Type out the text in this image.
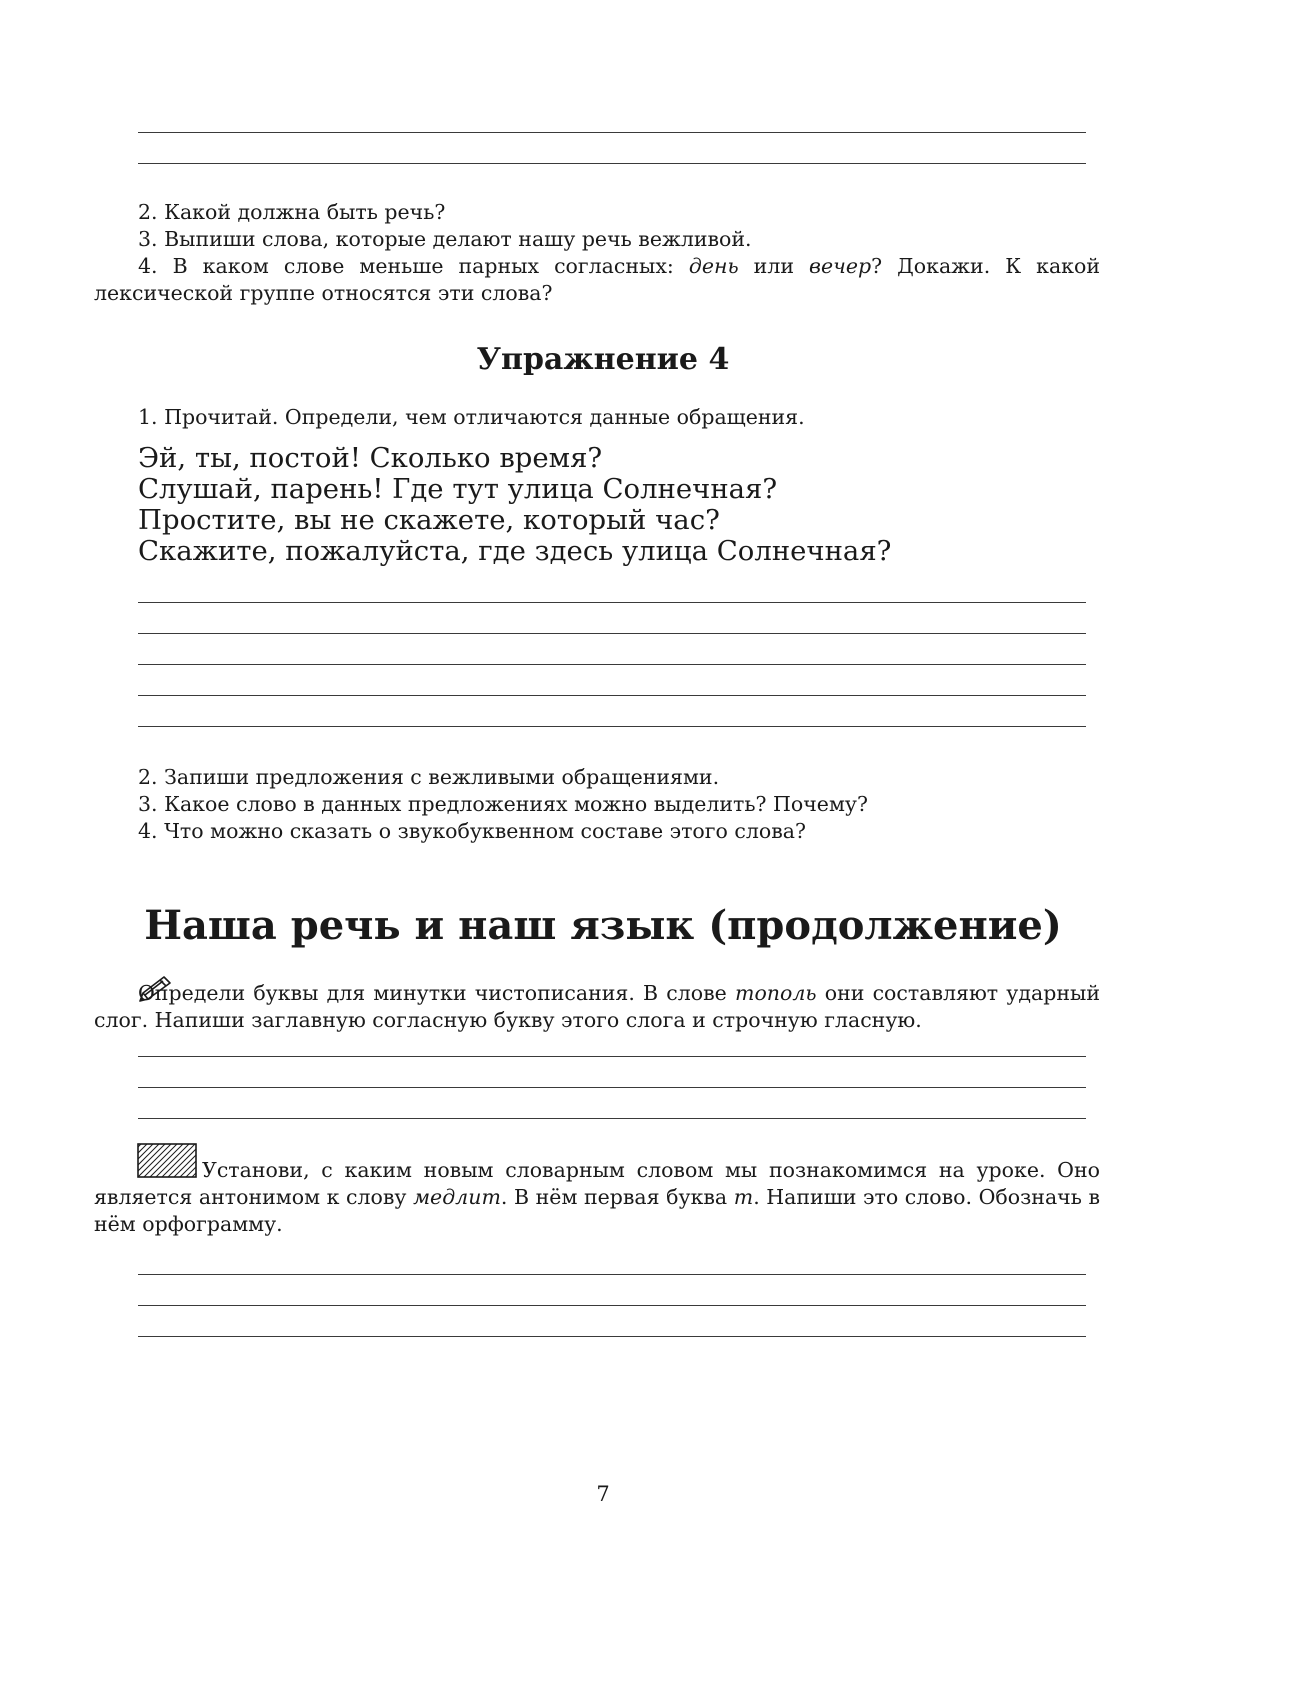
2. Какой должна быть речь?

3. Выпиши слова, которые делают нашу речь вежливой.

4. В каком слове меньше парных согласных: день или вечер? Докажи. К какой лексической группе относятся эти слова?

Упражнение 4

1. Прочитай. Определи, чем отличаются данные обращения.

Эй, ты, постой! Сколько время?
Слушай, парень! Где тут улица Солнечная?
Простите, вы не скажете, который час?
Скажите, пожалуйста, где здесь улица Солнечная?

2. Запиши предложения с вежливыми обращениями.

3. Какое слово в данных предложениях можно выделить? Почему?

4. Что можно сказать о звукобуквенном составе этого слова?

Наша речь и наш язык (продолжение)

Определи буквы для минутки чистописания. В слове тополь они составляют ударный слог. Напиши заглавную согласную букву этого слога и строчную гласную.

Установи, с каким новым словарным словом мы познакомимся на уроке. Оно является антонимом к слову медлит. В нём первая буква т. Напиши это слово. Обозначь в нём орфограмму.

7
